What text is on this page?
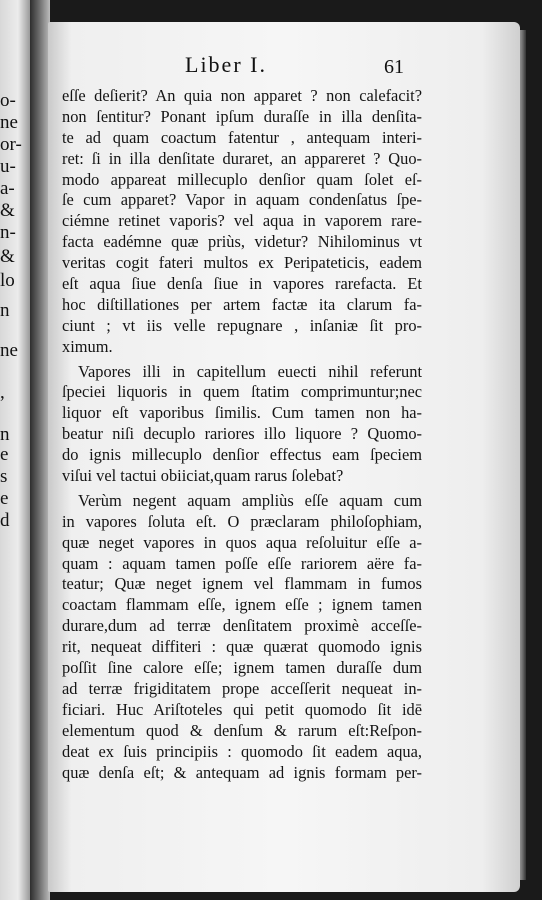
o-
ne
or-
u-
a-
&
n-
&
lo
n
ne
,
n
e
s
e
d
Liber I.	61
eſſe deſierit? An quia non apparet ? non calefacit?
non ſentitur? Ponant ipſum duraſſe in illa denſita-
te ad quam coactum fatentur , antequam interi-
ret: ſi in illa denſitate duraret, an appareret ? Quo-
modo appareat millecuplo denſior quam ſolet eſ-
ſe cum apparet? Vapor in aquam condenſatus ſpe-
ciémne retinet vaporis? vel aqua in vaporem rare-
facta eadémne quæ priùs, videtur? Nihilominus vt
veritas cogit fateri multos ex Peripateticis, eadem
eſt aqua ſiue denſa ſiue in vapores rarefacta. Et
hoc diſtillationes per artem factæ ita clarum fa-
ciunt ; vt iis velle repugnare , inſaniæ ſit pro-
ximum.
Vapores illi in capitellum euecti nihil referunt
ſpeciei liquoris in quem ſtatim comprimuntur;nec
liquor eſt vaporibus ſimilis. Cum tamen non ha-
beatur niſi decuplo rariores illo liquore ? Quomo-
do ignis millecuplo denſior effectus eam ſpeciem
viſui vel tactui obiiciat,quam rarus ſolebat?
Verùm negent aquam ampliùs eſſe aquam cum
in vapores ſoluta eſt. O præclaram philoſophiam,
quæ neget vapores in quos aqua reſoluitur eſſe a-
quam : aquam tamen poſſe eſſe rariorem aëre fa-
teatur; Quæ neget ignem vel flammam in fumos
coactam flammam eſſe, ignem eſſe ; ignem tamen
durare,dum ad terræ denſitatem proximè acceſſe-
rit, nequeat diffiteri : quæ quærat quomodo ignis
poſſit ſine calore eſſe; ignem tamen duraſſe dum
ad terræ frigiditatem prope acceſſerit nequeat in-
ficiari. Huc Ariſtoteles qui petit quomodo ſit idē
elementum quod & denſum & rarum eſt:Reſpon-
deat ex ſuis principiis : quomodo ſit eadem aqua,
quæ denſa eſt; & antequam ad ignis formam per-
